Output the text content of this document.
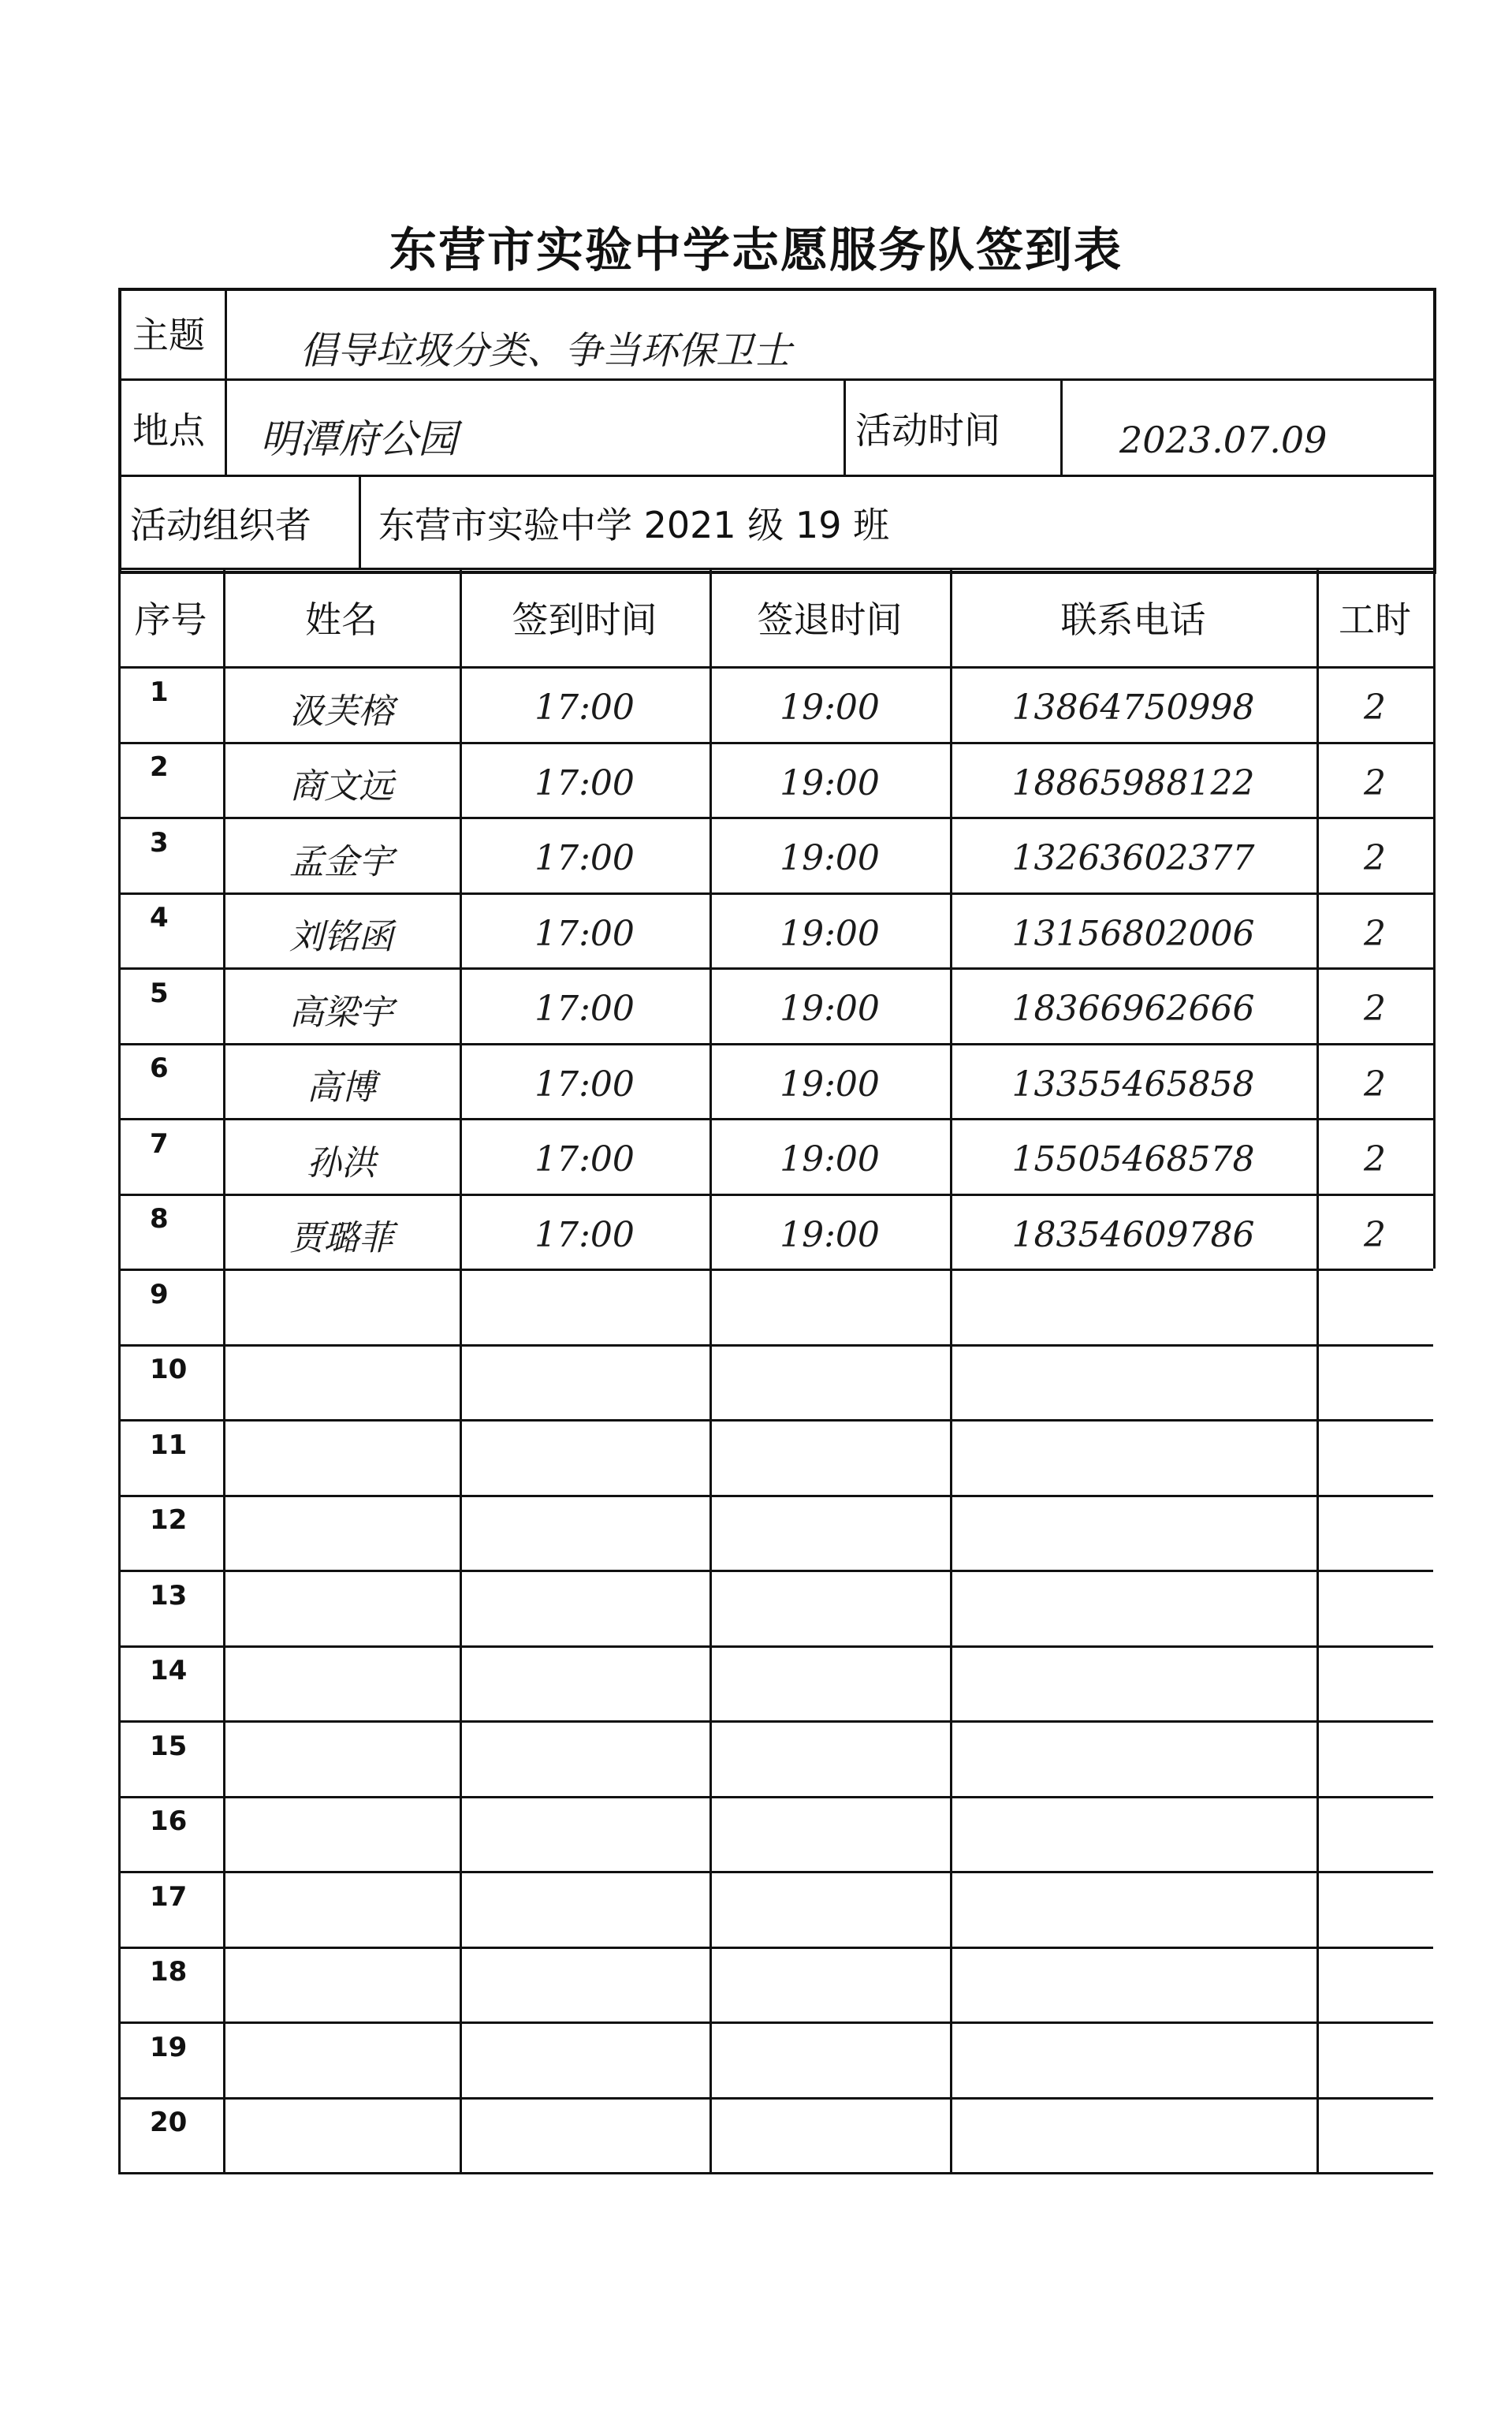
东营市实验中学志愿服务队签到表
主题	倡导垃圾分类、争当环保卫士
地点 明潭府公园	活动时间	2023.07.09
活动组织者 东营市实验中学 2021 级 19 班
序号	姓名	签到时间	签退时间	联系电话	工时
1	汲芙榕	17:00	19:00	13864750998	2
2	商文远	17:00	19:00	18865988122	2
3	孟金宇	17:00	19:00	13263602377	2
4	刘铭函	17:00	19:00	13156802006	2
5	高梁宇	17:00	19:00	18366962666	2
6	高博	17:00	19:00	13355465858	2
7	孙洪	17:00	19:00	15505468578	2
8	贾璐菲	17:00	19:00	18354609786	2
9
10
11
12
13
14
15
16
17
18
19
20
